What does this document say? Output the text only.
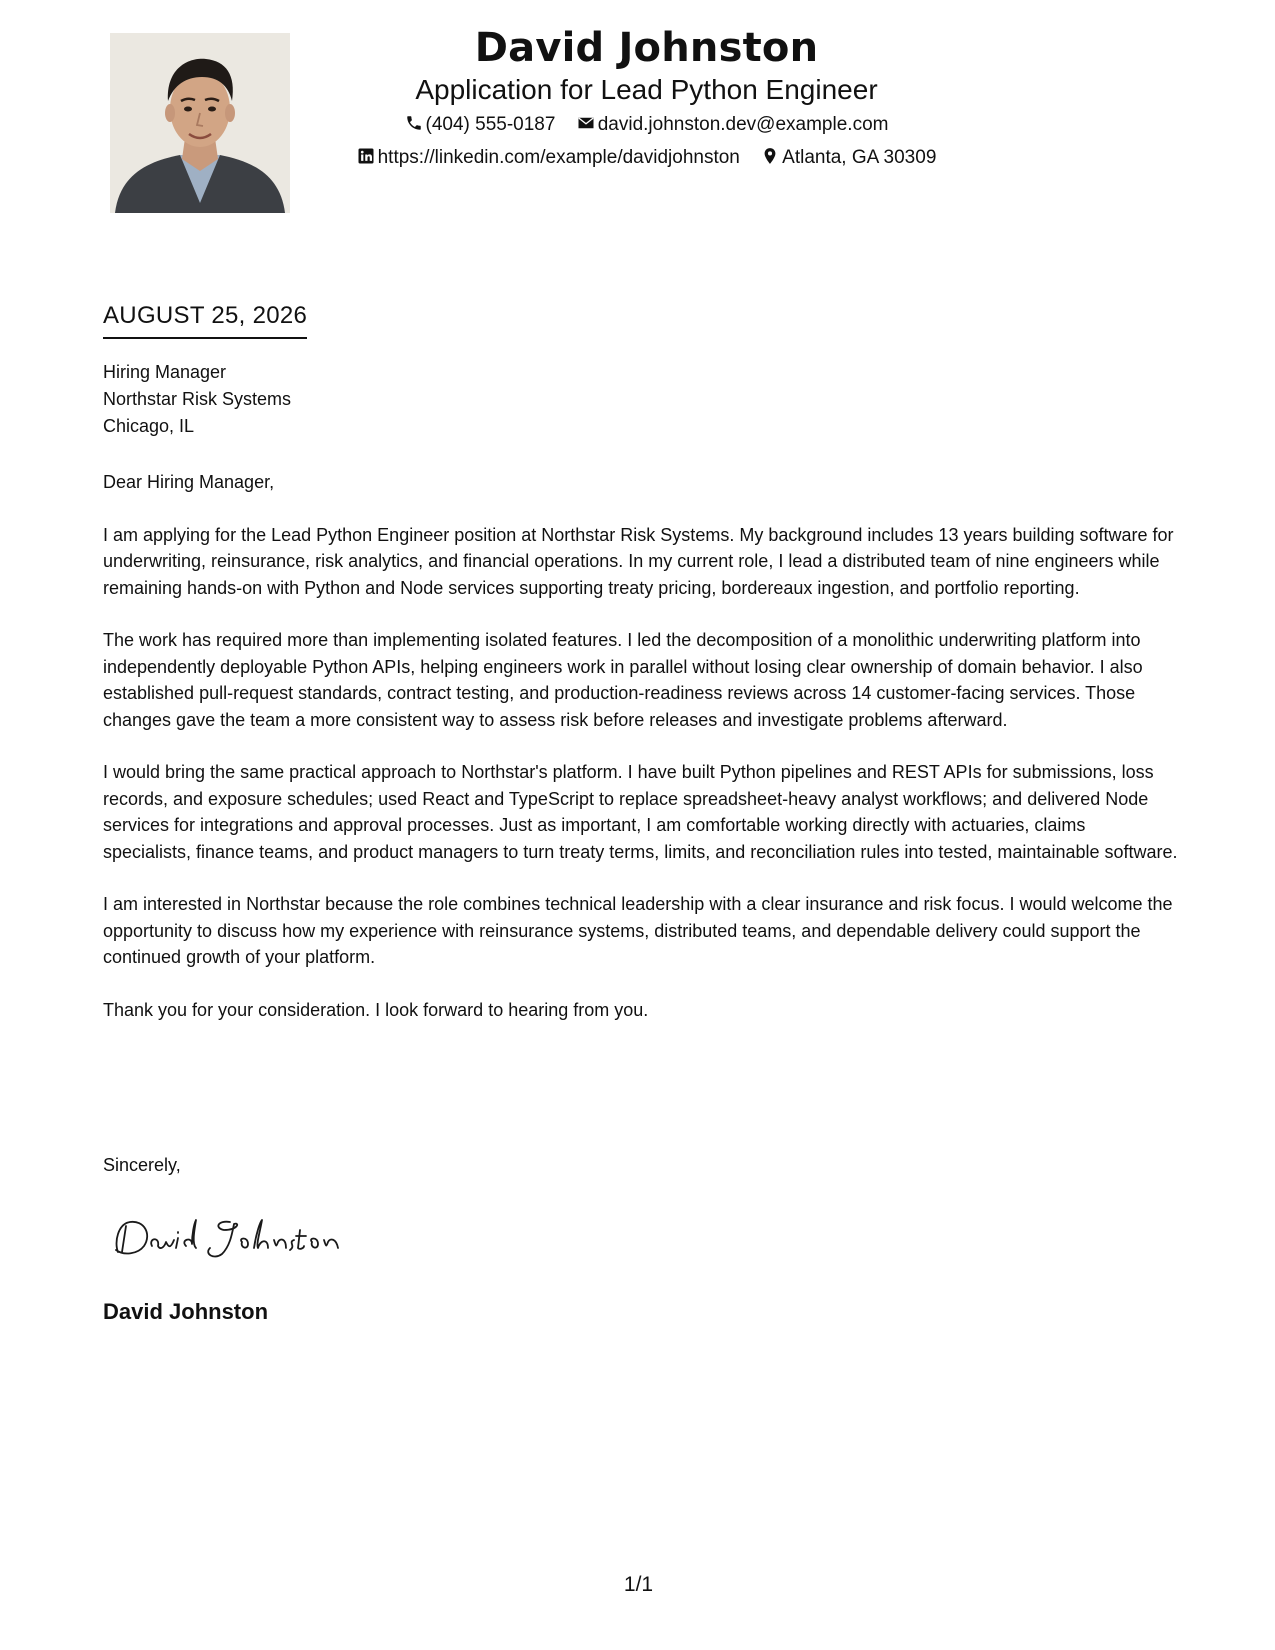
David Johnston
Application for Lead Python Engineer
(404) 555-0187 david.johnston.dev@example.com
https://linkedin.com/example/davidjohnston Atlanta, GA 30309
AUGUST 25, 2026
Hiring Manager
Northstar Risk Systems
Chicago, IL

Dear Hiring Manager,

I am applying for the Lead Python Engineer position at Northstar Risk Systems. My background includes 13 years building software for underwriting, reinsurance, risk analytics, and financial operations. In my current role, I lead a distributed team of nine engineers while remaining hands-on with Python and Node services supporting treaty pricing, bordereaux ingestion, and portfolio reporting.

The work has required more than implementing isolated features. I led the decomposition of a monolithic underwriting platform into independently deployable Python APIs, helping engineers work in parallel without losing clear ownership of domain behavior. I also established pull-request standards, contract testing, and production-readiness reviews across 14 customer-facing services. Those changes gave the team a more consistent way to assess risk before releases and investigate problems afterward.

I would bring the same practical approach to Northstar's platform. I have built Python pipelines and REST APIs for submissions, loss records, and exposure schedules; used React and TypeScript to replace spreadsheet-heavy analyst workflows; and delivered Node services for integrations and approval processes. Just as important, I am comfortable working directly with actuaries, claims specialists, finance teams, and product managers to turn treaty terms, limits, and reconciliation rules into tested, maintainable software.

I am interested in Northstar because the role combines technical leadership with a clear insurance and risk focus. I would welcome the opportunity to discuss how my experience with reinsurance systems, distributed teams, and dependable delivery could support the continued growth of your platform.

Thank you for your consideration. I look forward to hearing from you.

Sincerely,
David Johnston
1/1
